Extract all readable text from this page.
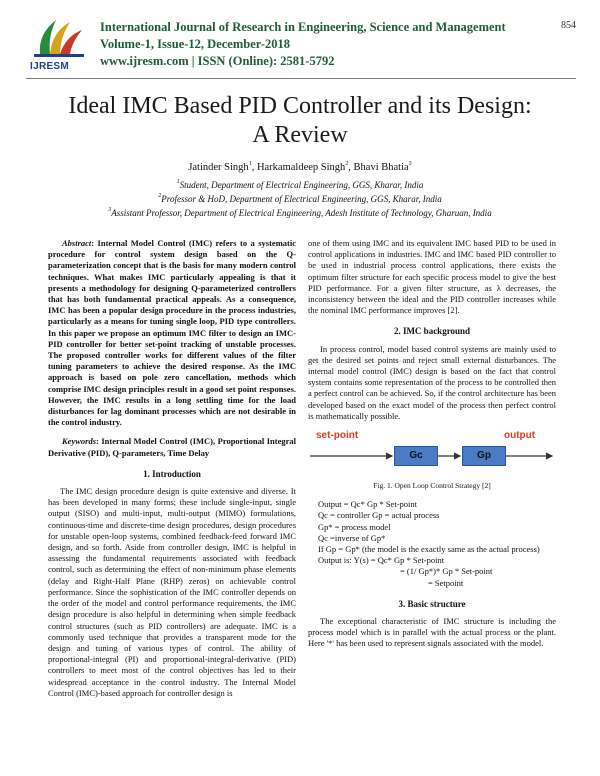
IJRESM
International Journal of Research in Engineering, Science and Management
Volume-1, Issue-12, December-2018
www.ijresm.com | ISSN (Online): 2581-5792
854
Ideal IMC Based PID Controller and its Design:
A Review
Jatinder Singh$^1$, Harkamaldeep Singh$^2$, Bhavi Bhatia$^3$
$^1$Student, Department of Electrical Engineering, GGS, Kharar, India
$^2$Professor & HoD, Department of Electrical Engineering, GGS, Kharar, India
$^3$Assistant Professor, Department of Electrical Engineering, Adesh Institute of Technology, Gharuan, India

Abstract: Internal Model Control (IMC) refers to a systematic procedure for control system design based on the Q-parameterization concept that is the basis for many modern control techniques. What makes IMC particularly appealing is that it presents a methodology for designing Q-parameterized controllers that has both fundamental practical appeals. As a consequence, IMC has been a popular design procedure in the process industries, particularly as a means for tuning single loop, PID type controllers. In this paper we propose an optimum IMC filter to design an IMC-PID controller for better set-point tracking of unstable processes. The proposed controller works for different values of the filter tuning parameters to achieve the desired response. As the IMC approach is based on pole zero cancellation, methods which comprise IMC design principles result in a good set point responses. However, the IMC results in a long settling time for the load disturbances for lag dominant processes which are not desirable in the control industry.

Keywords: Internal Model Control (IMC), Proportional Integral Derivative (PID), Q-parameters, Time Delay

1. Introduction

The IMC design procedure design is quite extensive and diverse. It has been developed in many forms; these include single-input, single output (SISO) and multi-input, multi-output (MIMO) formulations, continuous-time and discrete-time design procedures, design procedures for unstable open-loop systems, combined feedback-feed forward IMC design, and so forth. Aside from controller design, IMC is helpful in assessing the fundamental requirements associated with feedback control, such as determining the effect of non-minimum phase elements (delay and Right-Half Plane (RHP) zeros) on achievable control performance. Since the sophistication of the IMC controller depends on the order of the model and control performance requirements, the IMC design procedure is also helpful in determining when simple feedback control structures (such as PID controllers) are adequate. IMC is a commonly used technique that provides a transparent mode for the design and tuning of various types of control. The ability of proportional-integral (PI) and proportional-integral-derivative (PID) controllers to meet most of the control objectives has led to their widespread acceptance in the control industry. The Internal Model Control (IMC)-based approach for controller design is

one of them using IMC and its equivalent IMC based PID to be used in control applications in industries. IMC and IMC based PID controller to be used in industrial process control applications, there exists the optimum filter structure for each specific process model to give the best PID performance. For a given filter structure, as λ decreases, the inconsistency between the ideal and the PID controller increases while the nominal IMC performance improves [2].

2. IMC background

In process control, model based control systems are mainly used to get the desired set points and reject small external disturbances. The internal model control (IMC) design is based on the fact that control system contains some representation of the process to be controlled then a perfect control can be achieved. So, if the control architecture has been developed based on the exact model of the process then perfect control is mathematically possible.

set-point	output
Gc	Gp
Fig. 1. Open Loop Control Strategy [2]
Output = Qc* Gp * Set-point
Qc = controller Gp = actual process
Gp* = process model
Qc =inverse of Gp*
If Gp = Gp* (the model is the exactly same as the actual process)
Output is: Y(s) = Qc* Gp * Set-point
= (1/ Gp*)* Gp * Set-point
= Setpoint
3. Basic structure

The exceptional characteristic of IMC structure is including the process model which is in parallel with the actual process or the plant. Here '*' has been used to represent signals associated with the model.
